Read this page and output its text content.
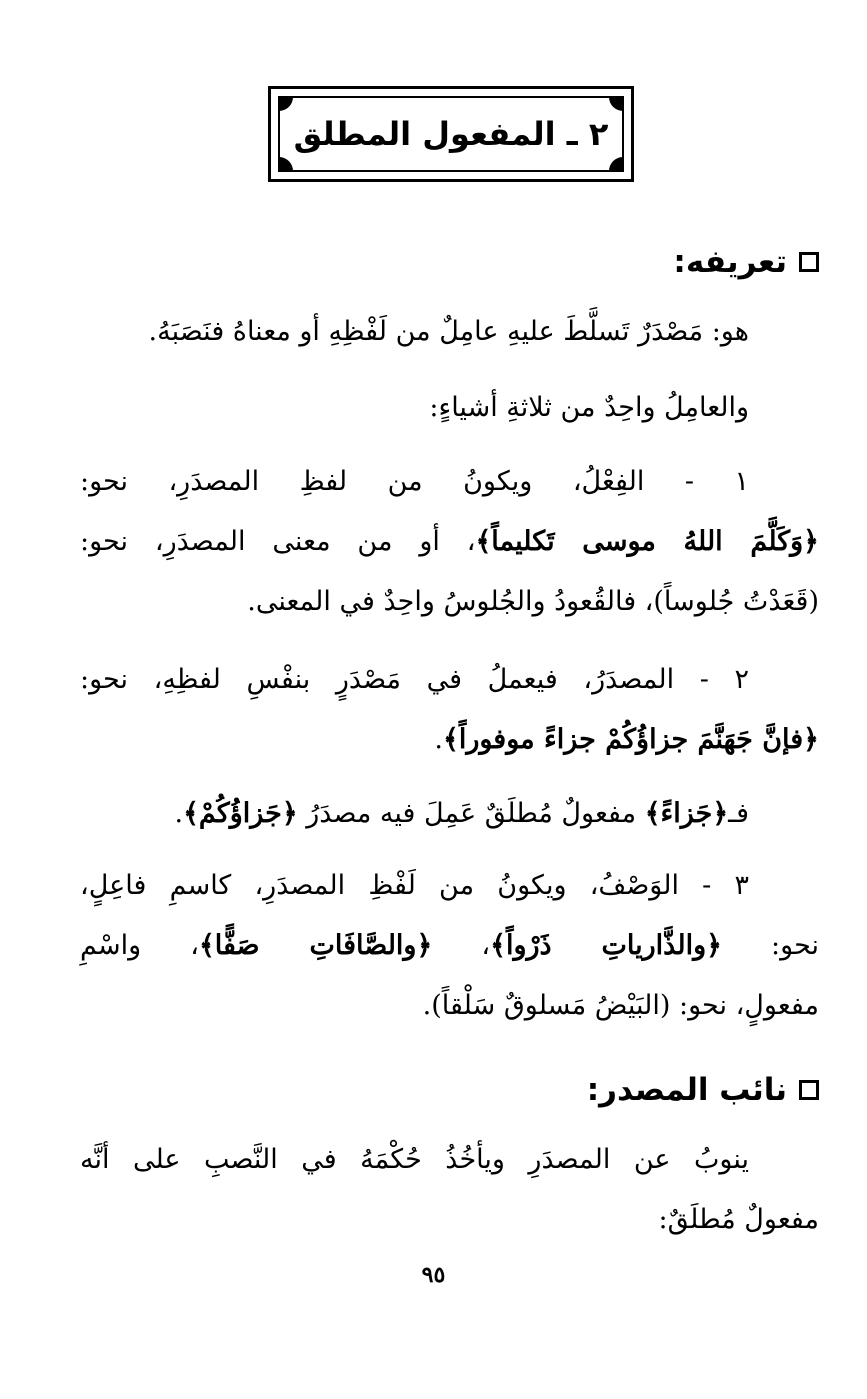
٢ ـ المفعول المطلق
تعريفه:
هو: مَصْدَرٌ تَسلَّطَ عليهِ عامِلٌ من لَفْظِهِ أو معناهُ فنَصَبَهُ.
والعامِلُ واحِدٌ من ثلاثةِ أشياءٍ:
١ - الفِعْلُ، ويكونُ من لفظِ المصدَرِ، نحو:
﴿وَكَلَّمَ اللهُ موسى تَكليماً﴾، أو من معنى المصدَرِ، نحو:
(قَعَدْتُ جُلوساً)، فالقُعودُ والجُلوسُ واحِدٌ في المعنى.
٢ - المصدَرُ، فيعملُ في مَصْدَرٍ بنفْسِ لفظِهِ، نحو:
﴿فإنَّ جَهَنَّمَ جزاؤُكُمْ جزاءً موفوراً﴾.
فـ﴿جَزاءً﴾ مفعولٌ مُطلَقٌ عَمِلَ فيه مصدَرُ ﴿جَزاؤُكُمْ﴾.
٣ - الوَصْفُ، ويكونُ من لَفْظِ المصدَرِ، كاسمِ فاعِلٍ،
نحو: ﴿والذَّارياتِ ذَرْواً﴾، ﴿والصَّافَاتِ صَفًّا﴾، واسْمِ
مفعولٍ، نحو: (البَيْضُ مَسلوقٌ سَلْقاً).
نائب المصدر:
ينوبُ عن المصدَرِ ويأخُذُ حُكْمَهُ في النَّصبِ على أنَّه
مفعولٌ مُطلَقٌ:
٩٥
